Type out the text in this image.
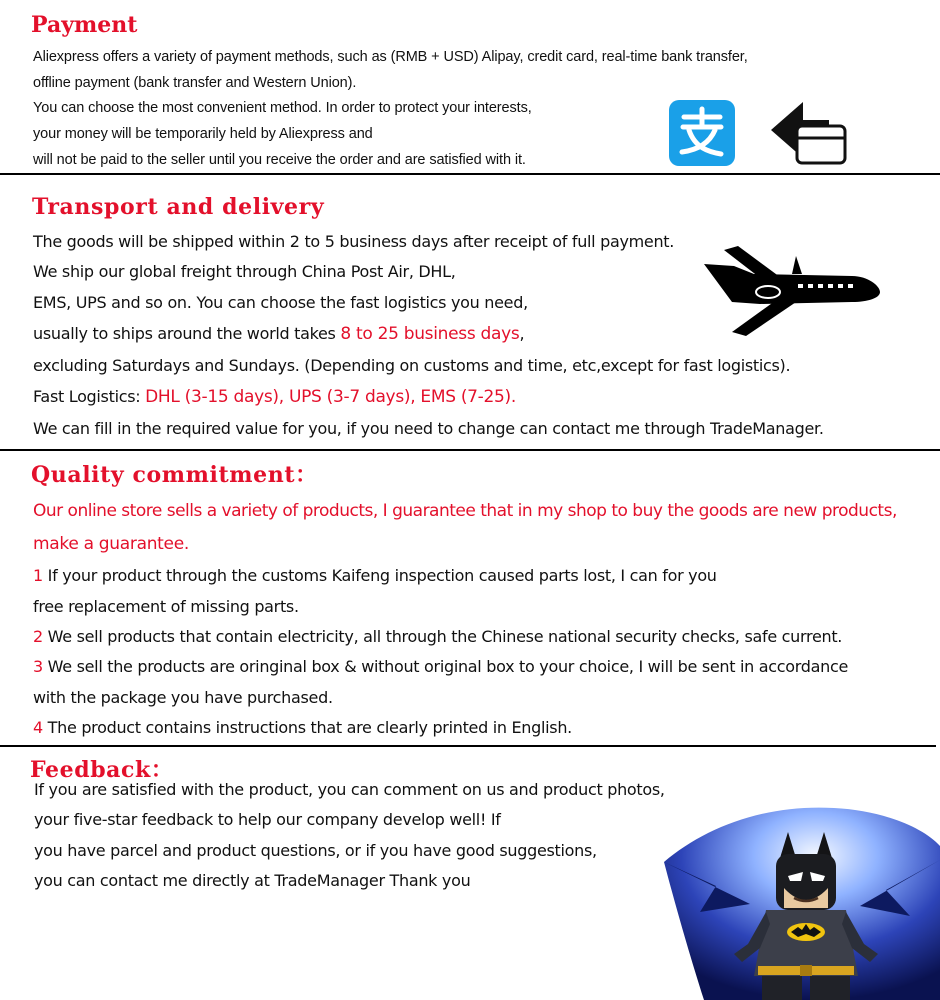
Payment
Aliexpress offers a variety of payment methods, such as (RMB + USD) Alipay, credit card, real-time bank transfer,
offline payment (bank transfer and Western Union).
You can choose the most convenient method. In order to protect your interests,
your money will be temporarily held by Aliexpress and
will not be paid to the seller until you receive the order and are satisfied with it.
Transport and delivery
The goods will be shipped within 2 to 5 business days after receipt of full payment.
We ship our global freight through China Post Air, DHL,
EMS, UPS and so on. You can choose the fast logistics you need,
usually to ships around the world takes 8 to 25 business days,
excluding Saturdays and Sundays. (Depending on customs and time, etc,except for fast logistics).
Fast Logistics: DHL (3-15 days), UPS (3-7 days), EMS (7-25).
We can fill in the required value for you, if you need to change can contact me through TradeManager.
Quality commitment：
Our online store sells a variety of products, I guarantee that in my shop to buy the goods are new products,
make a guarantee.
1 If your product through the customs Kaifeng inspection caused parts lost, I can for you
free replacement of missing parts.
2 We sell products that contain electricity, all through the Chinese national security checks, safe current.
3 We sell the products are oringinal box & without original box to your choice, I will be sent in accordance
with the package you have purchased.
4 The product contains instructions that are clearly printed in English.
Feedback：
If you are satisfied with the product, you can comment on us and product photos,
your five-star feedback to help our company develop well! If
you have parcel and product questions, or if you have good suggestions,
you can contact me directly at TradeManager Thank you
